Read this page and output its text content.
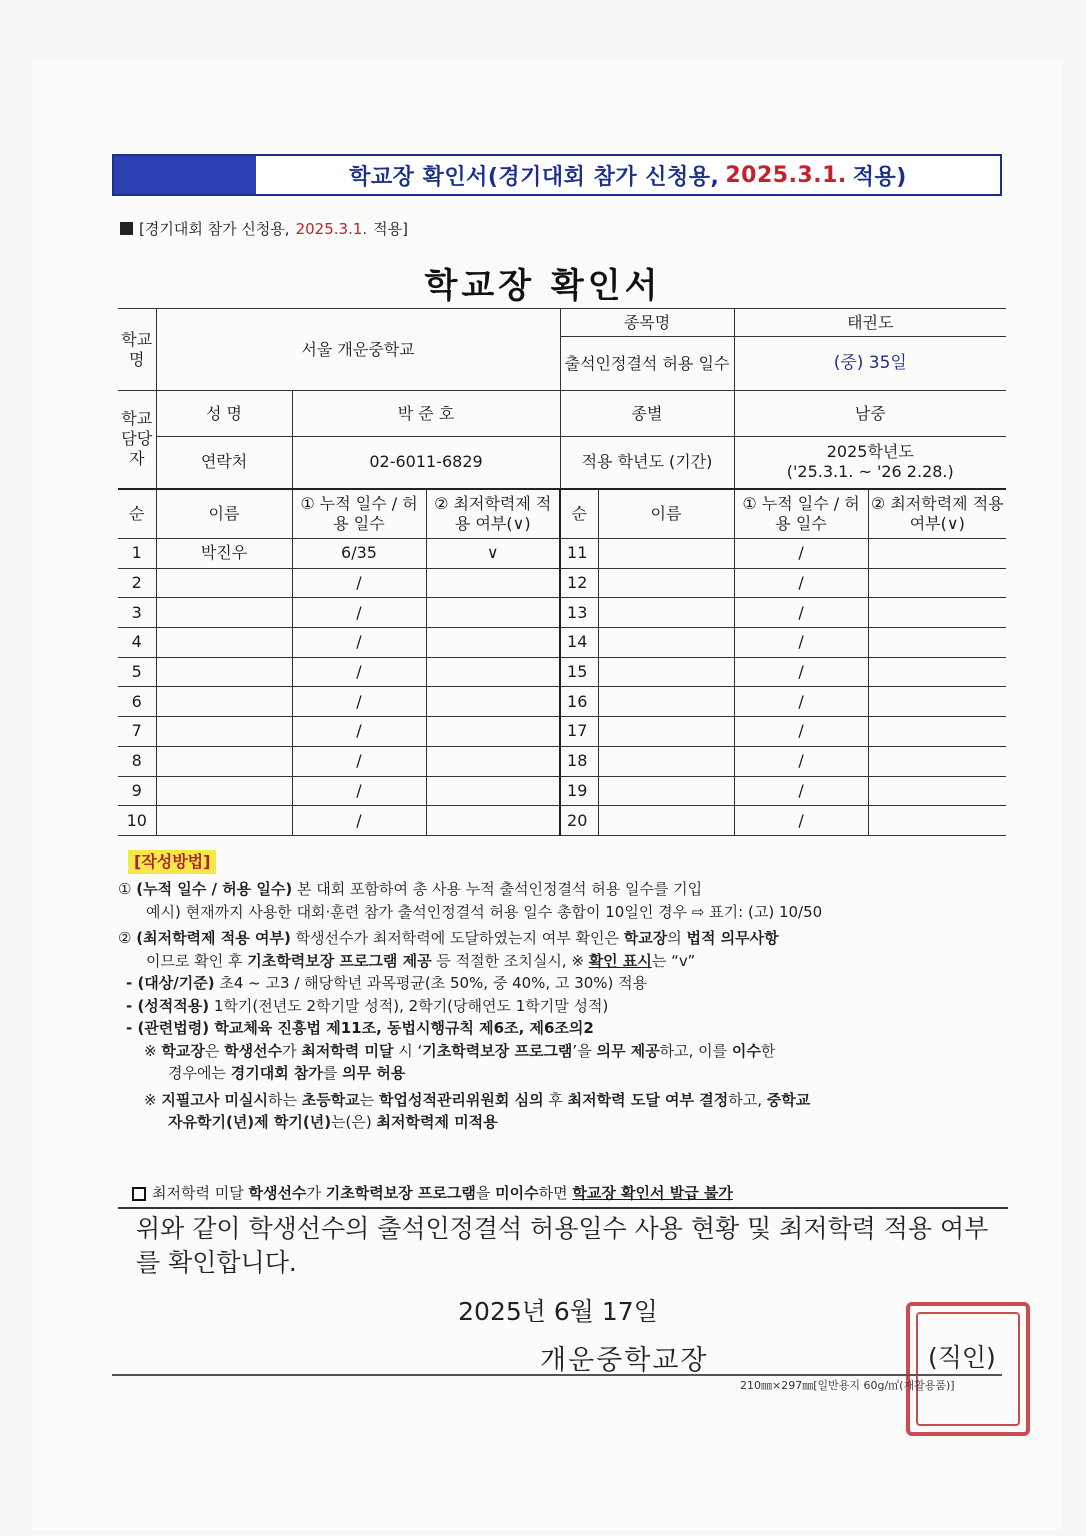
학교장 확인서(경기대회 참가 신청용, 2025.3.1. 적용)
[경기대회 참가 신청용, 2025.3.1. 적용]
학교장 확인서
학교명	서울 개운중학교			종목명		태권도	
				출석인정결석 허용 일수		(중) 35일	

학교 담당자	성 명	박 준 호		종별		남중	
	연락처	02-6011-6829		적용 학년도 (기간)		2025학년도
('25.3.1. ~ '26 2.28.)	

순	이름	① 누적 일수 / 허용 일수	② 최저학력제 적용 여부(∨)	순	이름	① 누적 일수 / 허용 일수	② 최저학력제 적용 여부(∨)
1	박진우	6/35	∨	11		/	
2		/		12		/	
3		/		13		/	
4		/		14		/	
5		/		15		/	
6		/		16		/	
7		/		17		/	
8		/		18		/	
9		/		19		/	
10		/		20		/	
[작성방법]

① (누적 일수 / 허용 일수) 본 대회 포함하여 총 사용 누적 출석인정결석 허용 일수를 기입

예시) 현재까지 사용한 대회·훈련 참가 출석인정결석 허용 일수 총합이 10일인 경우 ⇨ 표기: (고) 10/50

② (최저학력제 적용 여부) 학생선수가 최저학력에 도달하였는지 여부 확인은 학교장의 법적 의무사항

이므로 확인 후 기초학력보장 프로그램 제공 등 적절한 조치실시, ※ 확인 표시는 “v”
- (대상/기준) 초4 ~ 고3 / 해당학년 과목평균(초 50%, 중 40%, 고 30%) 적용
- (성적적용) 1학기(전년도 2학기말 성적), 2학기(당해연도 1학기말 성적)
- (관련법령) 학교체육 진흥법 제11조, 동법시행규칙 제6조, 제6조의2
※ 학교장은 학생선수가 최저학력 미달 시 ‘기초학력보장 프로그램’을 의무 제공하고, 이를 이수한
경우에는 경기대회 참가를 의무 허용
※ 지필고사 미실시하는 초등학교는 학업성적관리위원회 심의 후 최저학력 도달 여부 결정하고, 중학교
자유학기(년)제 학기(년)는(은) 최저학력제 미적용
최저학력 미달 학생선수가 기초학력보장 프로그램을 미이수하면 학교장 확인서 발급 불가
위와 같이 학생선수의 출석인정결석 허용일수 사용 현황 및 최저학력 적용 여부를 확인합니다.
2025년 6월 17일
개운중학교장	(직인)
210㎜×297㎜[일반용지 60g/㎡(재활용품)]
